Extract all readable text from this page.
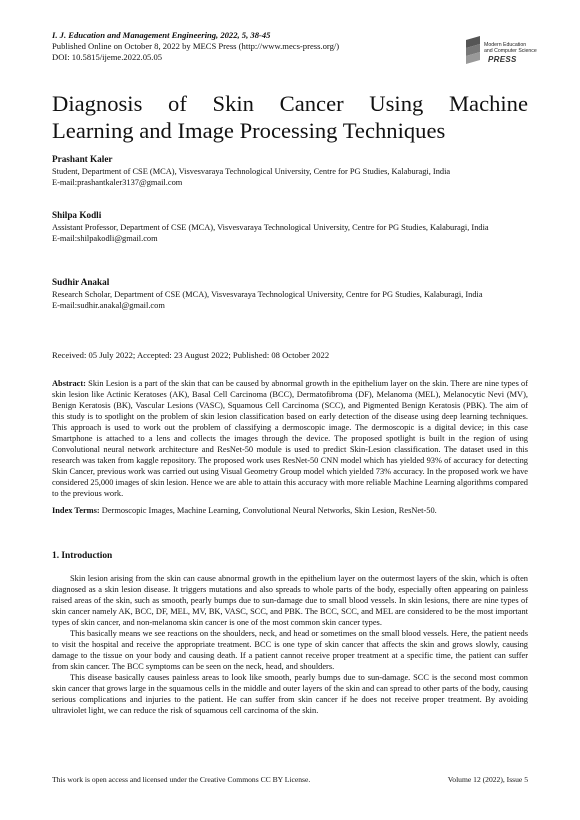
I. J. Education and Management Engineering, 2022, 5, 38-45
Published Online on October 8, 2022 by MECS Press (http://www.mecs-press.org/)
DOI: 10.5815/ijeme.2022.05.05
Modern Education
and Computer Science
PRESS
Diagnosis of Skin Cancer Using Machine
Learning and Image Processing Techniques
Prashant Kaler
Student, Department of CSE (MCA), Visvesvaraya Technological University, Centre for PG Studies, Kalaburagi, India
E-mail:prashantkaler3137@gmail.com
Shilpa Kodli
Assistant Professor, Department of CSE (MCA), Visvesvaraya Technological University, Centre for PG Studies, Kalaburagi, India
E-mail:shilpakodli@gmail.com
Sudhir Anakal
Research Scholar, Department of CSE (MCA), Visvesvaraya Technological University, Centre for PG Studies, Kalaburagi, India
E-mail:sudhir.anakal@gmail.com
Received: 05 July 2022; Accepted: 23 August 2022; Published: 08 October 2022
Abstract: Skin Lesion is a part of the skin that can be caused by abnormal growth in the epithelium layer on the skin. There are nine types of skin lesion like Actinic Keratoses (AK), Basal Cell Carcinoma (BCC), Dermatofibroma (DF), Melanoma (MEL), Melanocytic Nevi (MV), Benign Keratosis (BK), Vascular Lesions (VASC), Squamous Cell Carcinoma (SCC), and Pigmented Benign Keratosis (PBK). The aim of this study is to spotlight on the problem of skin lesion classification based on early detection of the disease using deep learning techniques. This approach is used to work out the problem of classifying a dermoscopic image. The dermoscopic is a digital device; in this case Smartphone is attached to a lens and collects the images through the device. The proposed spotlight is built in the region of using Convolutional neural network architecture and ResNet-50 module is used to predict Skin-Lesion classification. The dataset used in this research was taken from kaggle repository. The proposed work uses ResNet-50 CNN model which has yielded 93% of accuracy for detecting Skin Cancer, previous work was carried out using Visual Geometry Group model which yielded 73% accuracy. In the proposed work we have considered 25,000 images of skin lesion. Hence we are able to attain this accuracy with more reliable Machine Learning algorithms compared to the previous work.
Index Terms: Dermoscopic Images, Machine Learning, Convolutional Neural Networks, Skin Lesion, ResNet-50.
1. Introduction

Skin lesion arising from the skin can cause abnormal growth in the epithelium layer on the outermost layers of the skin, which is often diagnosed as a skin lesion disease. It triggers mutations and also spreads to whole parts of the body, especially often appearing on painless raised areas of the skin, such as smooth, pearly bumps due to sun-damage due to small blood vessels. In skin lesions, there are nine types of skin cancer namely AK, BCC, DF, MEL, MV, BK, VASC, SCC, and PBK. The BCC, SCC, and MEL are considered to be the most important types of skin cancer, and non-melanoma skin cancer is one of the most common skin cancer types.

This basically means we see reactions on the shoulders, neck, and head or sometimes on the small blood vessels. Here, the patient needs to visit the hospital and receive the appropriate treatment. BCC is one type of skin cancer that affects the skin and grows slowly, causing damage to the tissue on your body and causing death. If a patient cannot receive proper treatment at a specific time, the patient can suffer from skin cancer. The BCC symptoms can be seen on the neck, head, and shoulders.

This disease basically causes painless areas to look like smooth, pearly bumps due to sun-damage. SCC is the second most common skin cancer that grows large in the squamous cells in the middle and outer layers of the skin and can spread to other parts of the body, causing serious complications and injuries to the patient. He can suffer from skin cancer if he does not receive proper treatment. By avoiding ultraviolet light, we can reduce the risk of squamous cell carcinoma of the skin.

This work is open access and licensed under the Creative Commons CC BY License.	Volume 12 (2022), Issue 5
